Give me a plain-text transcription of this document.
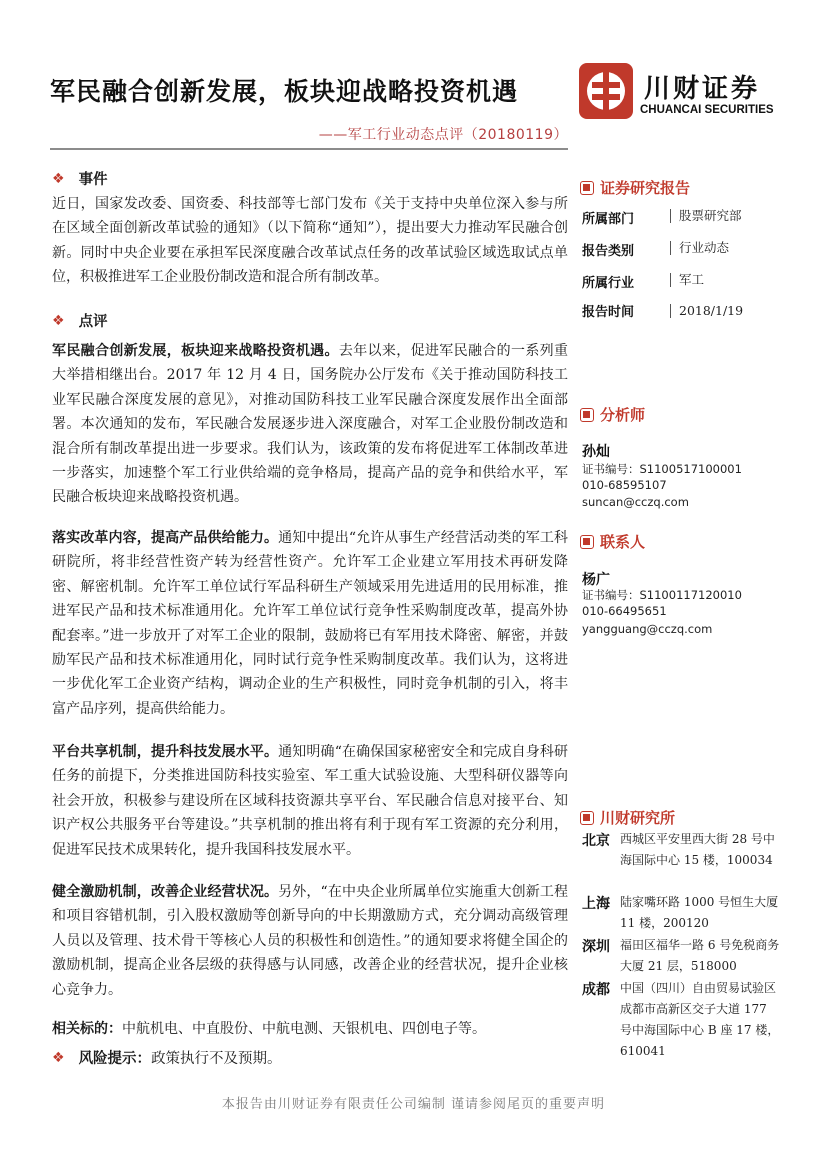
军民融合创新发展，板块迎战略投资机遇
——军工行业动态点评（20180119）
川财证券
CHUANCAI SECURITIES
❖ 事件
近日，国家发改委、国资委、科技部等七部门发布《关于支持中央单位深入参与所在区域全面创新改革试验的通知》（以下简称“通知”），提出要大力推动军民融合创新。同时中央企业要在承担军民深度融合改革试点任务的改革试验区域选取试点单位，积极推进军工企业股份制改造和混合所有制改革。
❖ 点评
军民融合创新发展，板块迎来战略投资机遇。去年以来，促进军民融合的一系列重大举措相继出台。2017 年 12 月 4 日，国务院办公厅发布《关于推动国防科技工业军民融合深度发展的意见》，对推动国防科技工业军民融合深度发展作出全面部署。本次通知的发布，军民融合发展逐步进入深度融合，对军工企业股份制改造和混合所有制改革提出进一步要求。我们认为，该政策的发布将促进军工体制改革进一步落实，加速整个军工行业供给端的竞争格局，提高产品的竞争和供给水平，军民融合板块迎来战略投资机遇。
落实改革内容，提高产品供给能力。通知中提出“允许从事生产经营活动类的军工科研院所，将非经营性资产转为经营性资产。允许军工企业建立军用技术再研发降密、解密机制。允许军工单位试行军品科研生产领域采用先进适用的民用标准，推进军民产品和技术标准通用化。允许军工单位试行竞争性采购制度改革，提高外协配套率。”进一步放开了对军工企业的限制，鼓励将已有军用技术降密、解密，并鼓励军民产品和技术标准通用化，同时试行竞争性采购制度改革。我们认为，这将进一步优化军工企业资产结构，调动企业的生产积极性，同时竞争机制的引入，将丰富产品序列，提高供给能力。
平台共享机制，提升科技发展水平。通知明确“在确保国家秘密安全和完成自身科研任务的前提下，分类推进国防科技实验室、军工重大试验设施、大型科研仪器等向社会开放，积极参与建设所在区域科技资源共享平台、军民融合信息对接平台、知识产权公共服务平台等建设。”共享机制的推出将有利于现有军工资源的充分利用，促进军民技术成果转化，提升我国科技发展水平。
健全激励机制，改善企业经营状况。另外，“在中央企业所属单位实施重大创新工程和项目容错机制，引入股权激励等创新导向的中长期激励方式，充分调动高级管理人员以及管理、技术骨干等核心人员的积极性和创造性。”的通知要求将健全国企的激励机制，提高企业各层级的获得感与认同感，改善企业的经营状况，提升企业核心竞争力。
相关标的：中航机电、中直股份、中航电测、天银机电、四创电子等。
❖ 风险提示： 政策执行不及预期。
证券研究报告
所属部门	股票研究部
报告类别	行业动态
所属行业	军工
报告时间	2018/1/19
分析师
孙灿
证书编号：S1100517100001
010-68595107
suncan@cczq.com
联系人
杨广
证书编号：S1100117120010
010-66495651
yangguang@cczq.com
川财研究所
北京 西城区平安里西大街 28 号中海国际中心 15 楼，100034
上海 陆家嘴环路 1000 号恒生大厦 11 楼，200120
深圳 福田区福华一路 6 号免税商务大厦 21 层，518000
成都 中国（四川）自由贸易试验区成都市高新区交子大道 177 号中海国际中心 B 座 17 楼，610041
本报告由川财证券有限责任公司编制 谨请参阅尾页的重要声明
